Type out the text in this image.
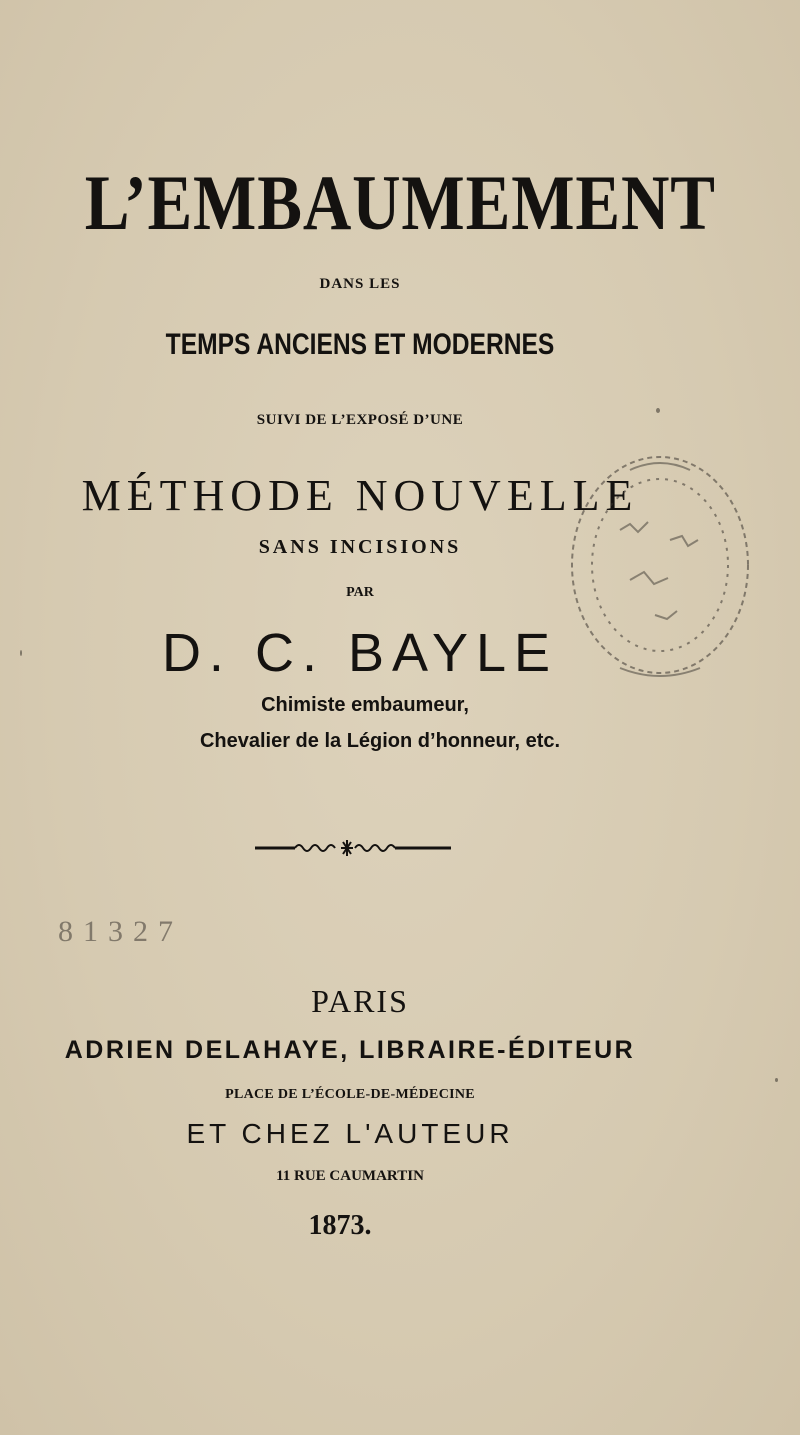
L’EMBAUMEMENT
DANS LES
TEMPS ANCIENS ET MODERNES
SUIVI DE L’EXPOSÉ D’UNE
MÉTHODE NOUVELLE
SANS INCISIONS
PAR
D. C. BAYLE
Chimiste embaumeur,
Chevalier de la Légion d’honneur, etc.
81327
PARIS
ADRIEN DELAHAYE, LIBRAIRE-ÉDITEUR
PLACE DE L’ÉCOLE-DE-MÉDECINE
ET CHEZ L'AUTEUR
11 RUE CAUMARTIN
1873.
